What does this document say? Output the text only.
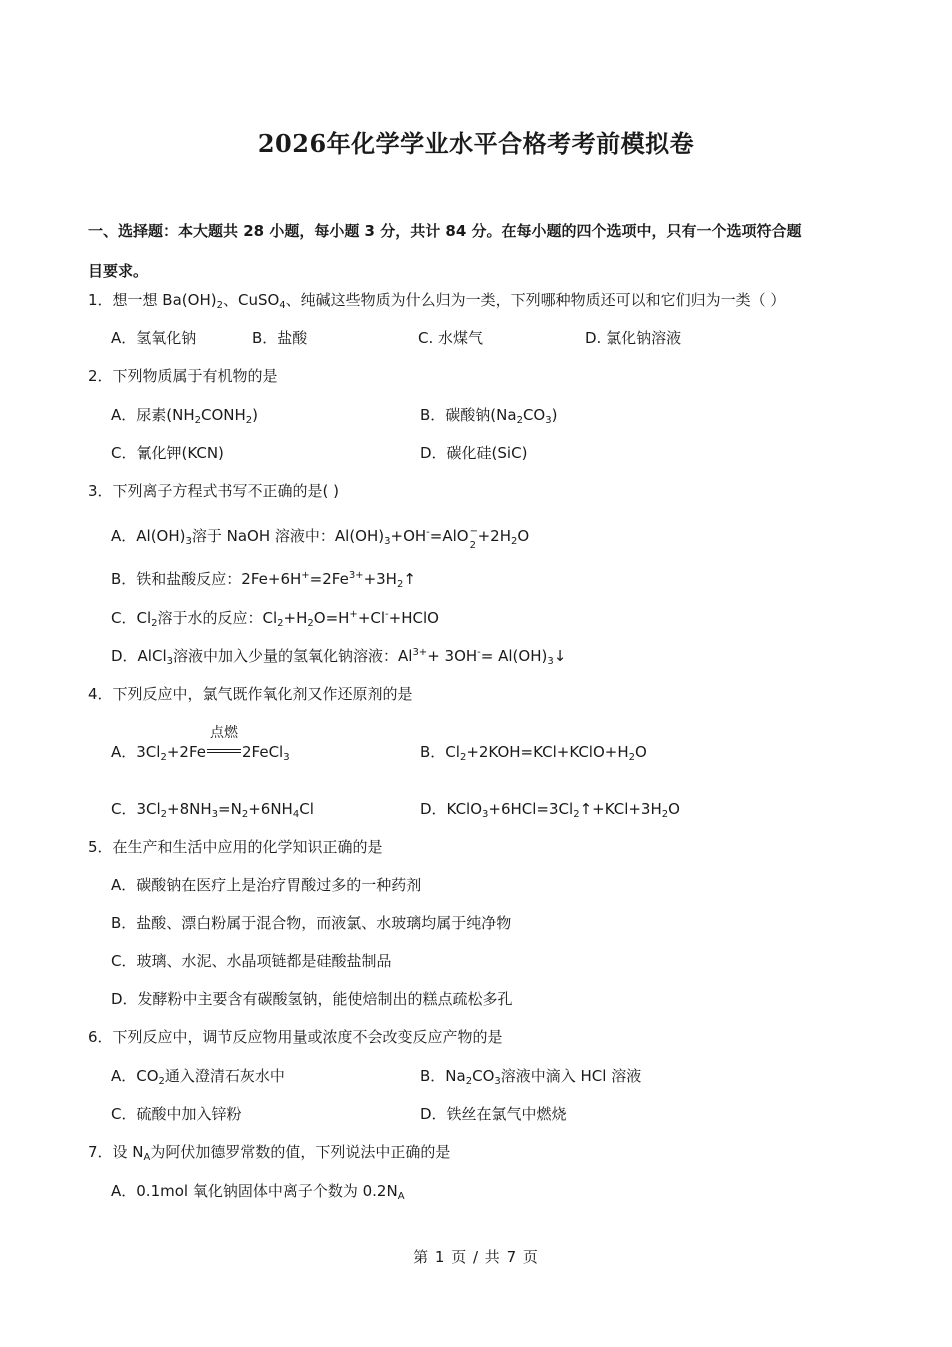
2026年化学学业水平合格考考前模拟卷
一、选择题：本大题共 28 小题，每小题 3 分，共计 84 分。在每小题的四个选项中，只有一个选项符合题
目要求。
1．想一想 $Ba(OH)_2$、CuSO$_4$、纯碱这些物质为什么归为一类，下列哪种物质还可以和它们归为一类（ ）
A．氢氧化钠	B．盐酸	C. 水煤气	D. 氯化钠溶液
2．下列物质属于有机物的是
A．尿素$(NH_2CONH_2)$	B．碳酸钠$(Na_2CO_3)$
C．氰化钾(KCN)	D．碳化硅(SiC)
3．下列离子方程式书写不正确的是( )
A．$Al(OH)_3$溶于 NaOH 溶液中：$Al(OH)_3+OH^-=AlO$ −
2
$+2H_2O$
B．铁和盐酸反应：$2Fe+6H^+=2Fe^{3+}+3H_2↑$
C．$Cl_2$溶于水的反应：$Cl_2+H_2O=H^++Cl^-+HClO$
D．AlCl$_3$溶液中加入少量的氢氧化钠溶液：$Al^{3+}+ 3OH^-=$ $Al(OH)_3↓$
4．下列反应中，氯气既作氧化剂又作还原剂的是
A．$3Cl_2+2Fe$
点燃
2FeCl$_3$	B．$Cl_2+2KOH=KCl+KClO+H_2O$
C．$3Cl_2+8NH_3=N_2+6NH_4Cl$	D．$KClO_3+6HCl=3Cl_2↑+KCl+3H_2O$
5．在生产和生活中应用的化学知识正确的是
A．碳酸钠在医疗上是治疗胃酸过多的一种药剂
B．盐酸、漂白粉属于混合物，而液氯、水玻璃均属于纯净物
C．玻璃、水泥、水晶项链都是硅酸盐制品
D．发酵粉中主要含有碳酸氢钠，能使焙制出的糕点疏松多孔
6．下列反应中，调节反应物用量或浓度不会改变反应产物的是
A．$CO_2$通入澄清石灰水中	B．$Na_2CO_3$溶液中滴入 HCl 溶液
C．硫酸中加入锌粉	D．铁丝在氯气中燃烧
7．设 $N_A$为阿伏加德罗常数的值，下列说法中正确的是
A．0.1mol 氧化钠固体中离子个数为 $0.2N_A$
第 1 页 / 共 7 页
